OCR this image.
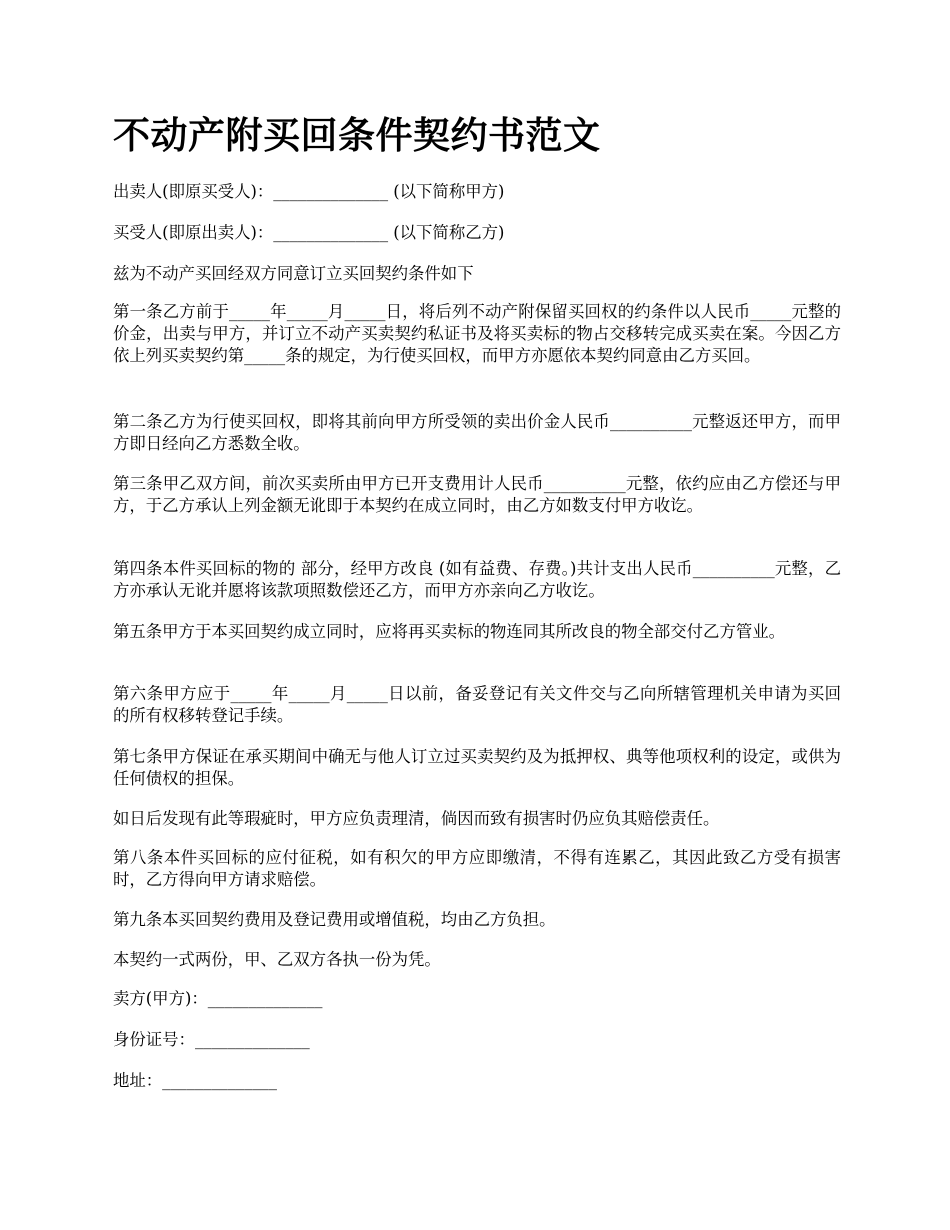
不动产附买回条件契约书范文

出卖人(即原买受人)：______________ (以下简称甲方)

买受人(即原出卖人)：______________ (以下简称乙方)

兹为不动产买回经双方同意订立买回契约条件如下

第一条乙方前于_____年_____月_____日，将后列不动产附保留买回权的约条件以人民币_____元整的价金，出卖与甲方，并订立不动产买卖契约私证书及将买卖标的物占交移转完成买卖在案。今因乙方依上列买卖契约第_____条的规定，为行使买回权，而甲方亦愿依本契约同意由乙方买回。

第二条乙方为行使买回权，即将其前向甲方所受领的卖出价金人民币__________元整返还甲方，而甲方即日经向乙方悉数全收。

第三条甲乙双方间，前次买卖所由甲方已开支费用计人民币__________元整，依约应由乙方偿还与甲方，于乙方承认上列金额无讹即于本契约在成立同时，由乙方如数支付甲方收讫。

第四条本件买回标的物的 部分，经甲方改良 (如有益费、存费。)共计支出人民币__________元整，乙方亦承认无讹并愿将该款项照数偿还乙方，而甲方亦亲向乙方收讫。

第五条甲方于本买回契约成立同时，应将再买卖标的物连同其所改良的物全部交付乙方管业。

第六条甲方应于_____年_____月_____日以前，备妥登记有关文件交与乙向所辖管理机关申请为买回的所有权移转登记手续。

第七条甲方保证在承买期间中确无与他人订立过买卖契约及为抵押权、典等他项权利的设定，或供为任何债权的担保。

如日后发现有此等瑕疵时，甲方应负责理清，倘因而致有损害时仍应负其赔偿责任。

第八条本件买回标的应付征税，如有积欠的甲方应即缴清，不得有连累乙，其因此致乙方受有损害时，乙方得向甲方请求赔偿。

第九条本买回契约费用及登记费用或增值税，均由乙方负担。

本契约一式两份，甲、乙双方各执一份为凭。

卖方(甲方)：______________

身份证号：______________

地址：______________
